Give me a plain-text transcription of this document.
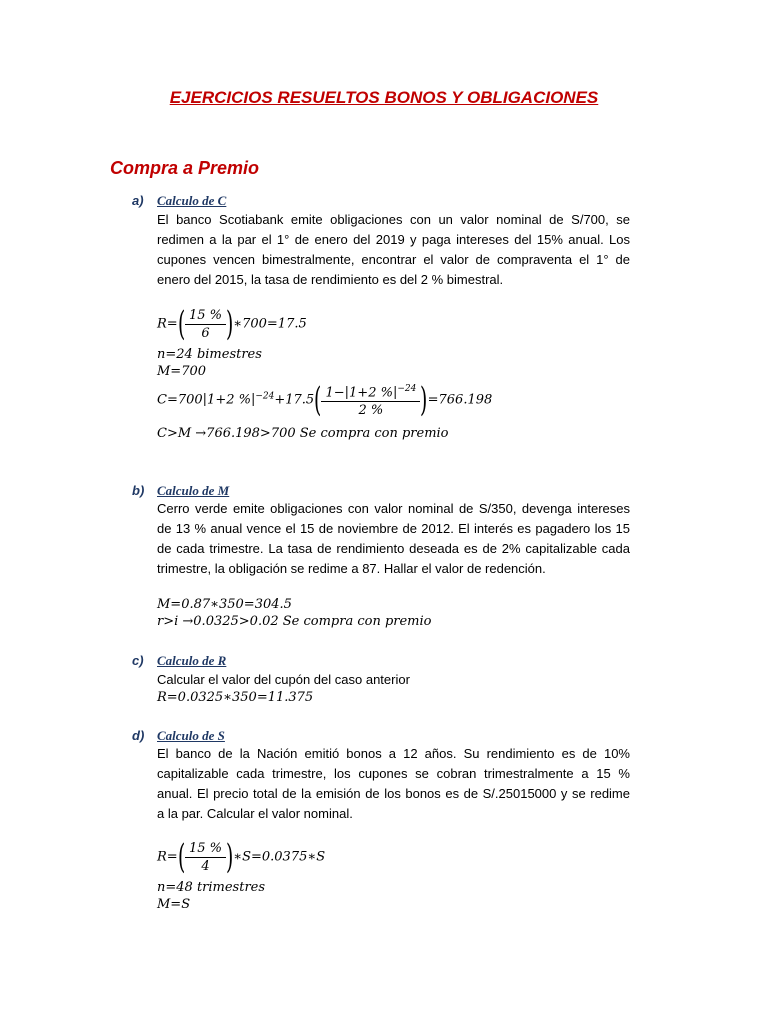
EJERCICIOS RESUELTOS BONOS Y OBLIGACIONES
Compra a Premio
a) Calculo de C
El banco Scotiabank emite obligaciones con un valor nominal de S/700, se
redimen a la par el 1° de enero del 2019 y paga intereses del 15% anual. Los
cupones vencen bimestralmente, encontrar el valor de compraventa el 1° de
enero del 2015, la tasa de rendimiento es del 2 % bimestral.
$R=( \frac{15 \%}{6}$ )∗700=17.5
n=24 bimestres
M=700
C=700|1+2 $\%|^{-24}+17.5( \frac{1-|1+2 \%|^{-24}}{2 \%} )=766.198$
C>M →766.198>700 Se compra con premio
b) Calculo de M
Cerro verde emite obligaciones con valor nominal de S/350, devenga intereses
de 13 % anual vence el 15 de noviembre de 2012. El interés es pagadero los 15
de cada trimestre. La tasa de rendimiento deseada es de 2% capitalizable cada
trimestre, la obligación se redime a 87. Hallar el valor de redención.
M=0.87∗350=304.5
r>i →0.0325>0.02 Se compra con premio
c) Calculo de R
Calcular el valor del cupón del caso anterior
R=0.0325∗350=11.375
d) Calculo de S
El banco de la Nación emitió bonos a 12 años. Su rendimiento es de 10%
capitalizable cada trimestre, los cupones se cobran trimestralmente a 15 %
anual. El precio total de la emisión de los bonos es de S/.25015000 y se redime
a la par. Calcular el valor nominal.
$R=( \frac{15 \%}{4}$ )∗S=0.0375∗S
n=48 trimestres
M=S
